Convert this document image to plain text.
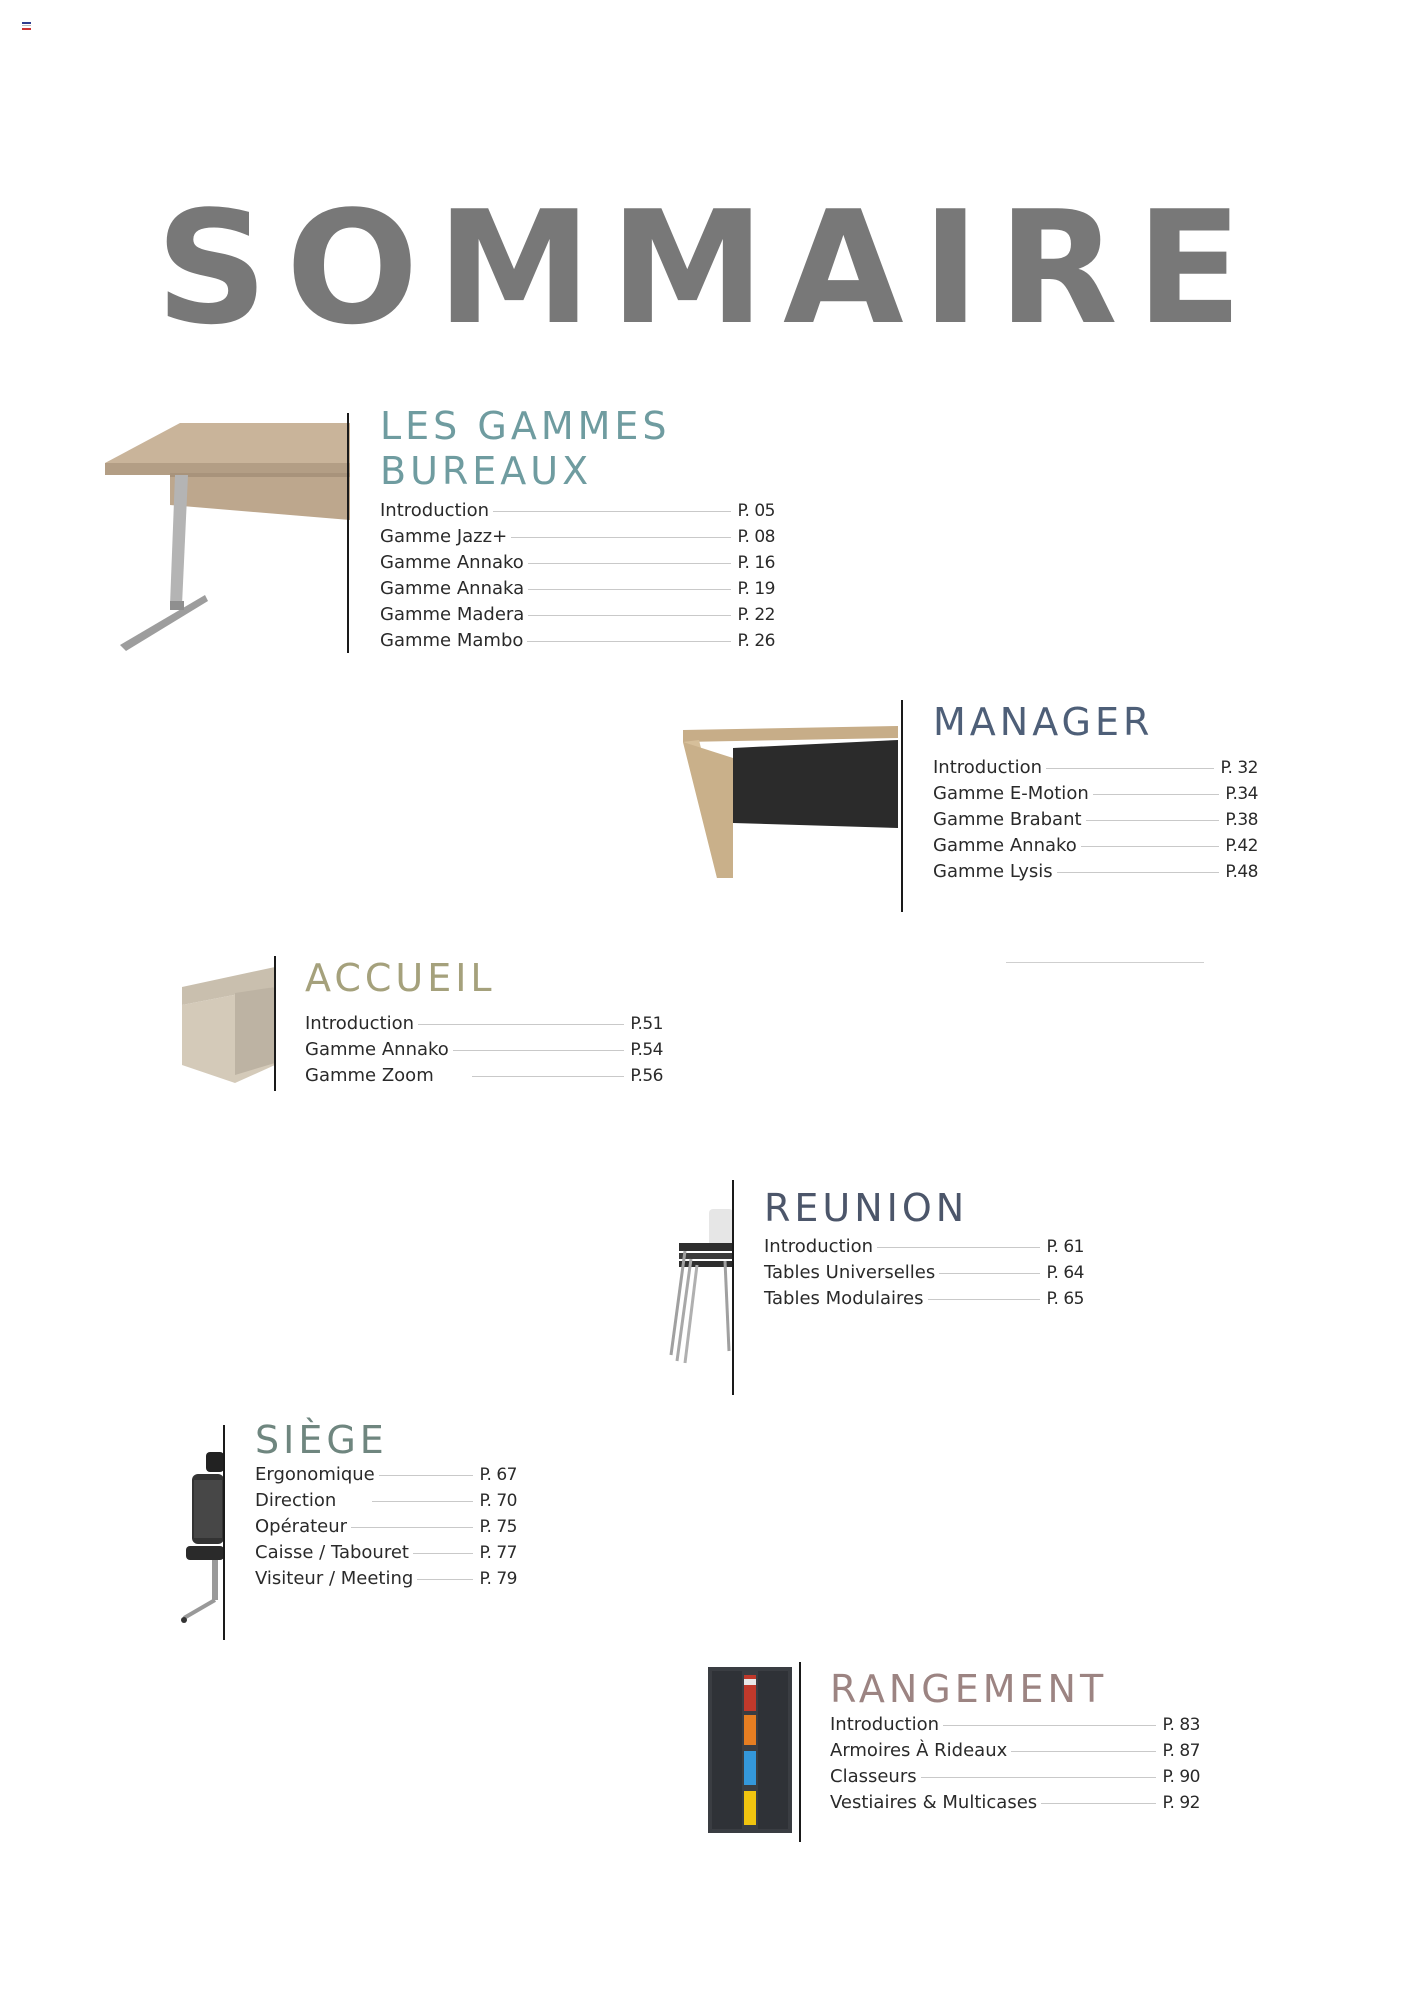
SOMMAIRE
LES GAMMES
BUREAUX
Introduction	P. 05
Gamme Jazz+	P. 08
Gamme Annako	P. 16
Gamme Annaka	P. 19
Gamme Madera	P. 22
Gamme Mambo	P. 26
MANAGER
Introduction	P. 32
Gamme E-Motion	P.34
Gamme Brabant	P.38
Gamme Annako	P.42
Gamme Lysis	P.48
ACCUEIL
Introduction	P.51
Gamme Annako	P.54
Gamme Zoom	P.56
REUNION
Introduction	P. 61
Tables Universelles	P. 64
Tables Modulaires	P. 65
SIÈGE
Ergonomique	P. 67
Direction	P. 70
Opérateur	P. 75
Caisse / Tabouret	P. 77
Visiteur / Meeting	P. 79
RANGEMENT
Introduction	P. 83
Armoires À Rideaux	P. 87
Classeurs	P. 90
Vestiaires & Multicases	P. 92
